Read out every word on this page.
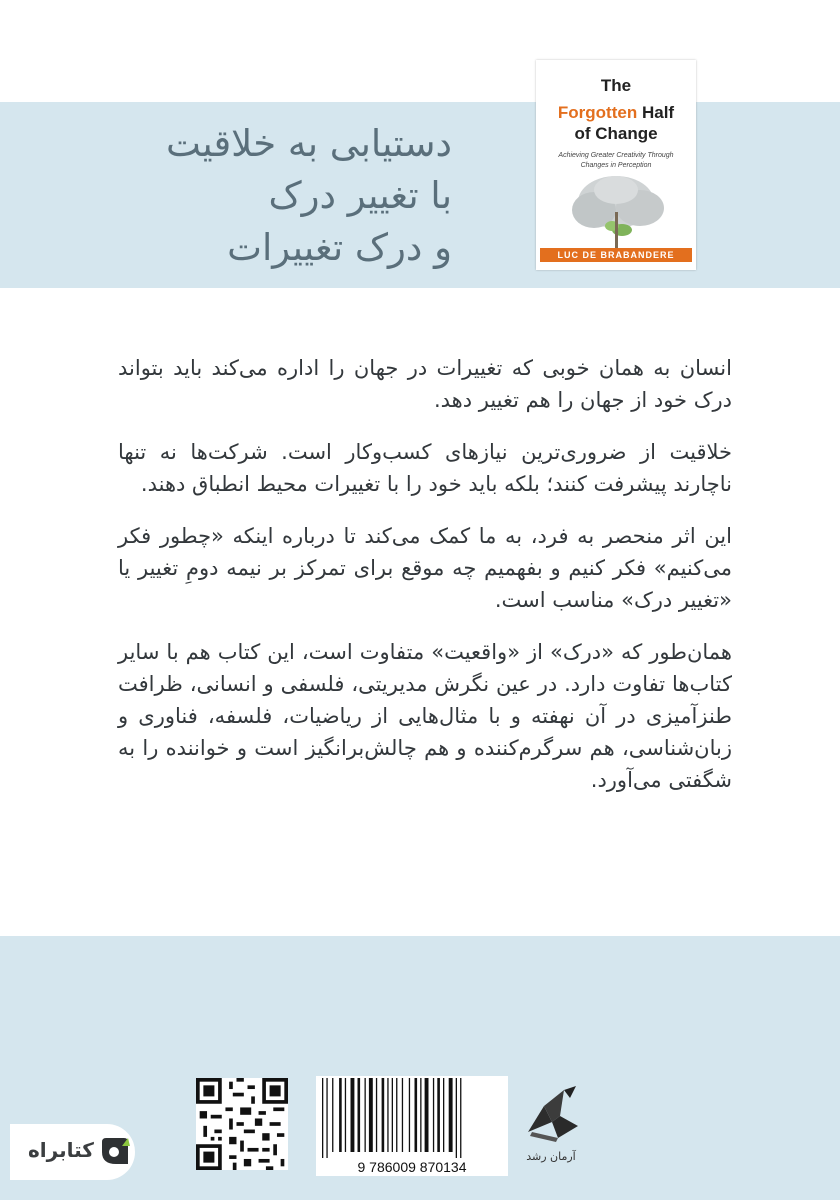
دستیابی به خلاقیت
با تغییر درک
و درک تغییرات
The
Forgotten Half
of Change
Achieving Greater Creativity Through Changes in Perception
LUC DE BRABANDERE

انسان به همان خوبی که تغییرات در جهان را اداره می‌کند باید بتواند درک خود از جهان را هم تغییر دهد.

خلاقیت از ضروری‌ترین نیازهای کسب‌وکار است. شرکت‌ها نه تنها ناچارند پیشرفت کنند؛ بلکه باید خود را با تغییرات محیط انطباق دهند.

این اثر منحصر به فرد، به ما کمک می‌کند تا درباره اینکه «چطور فکر می‌کنیم» فکر کنیم و بفهمیم چه موقع برای تمرکز بر نیمه دومِ تغییر یا «تغییر درک» مناسب است.

همان‌طور که «درک» از «واقعیت» متفاوت است، این کتاب هم با سایر کتاب‌ها تفاوت دارد. در عین نگرش مدیریتی، فلسفی و انسانی، ظرافت طنزآمیزی در آن نهفته و با مثال‌هایی از ریاضیات، فلسفه، فناوری و زبان‌شناسی، هم سرگرم‌کننده و هم چالش‌برانگیز است و خواننده را به شگفتی می‌آورد.

9 786009 870134
آرمان رشد
کتابراه
